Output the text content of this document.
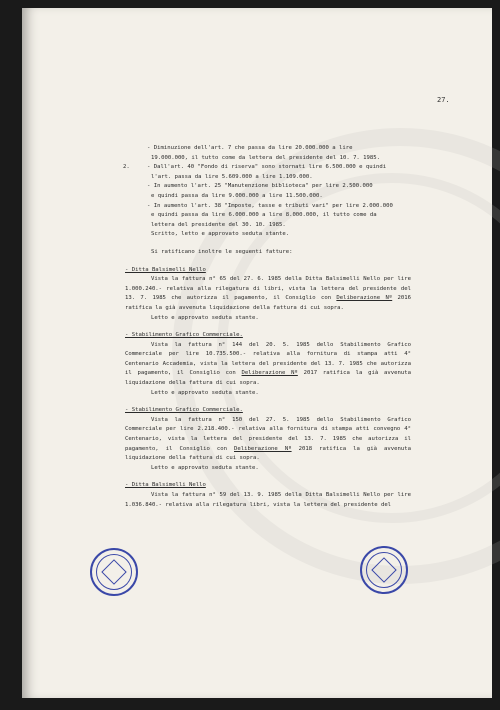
27.
- Diminuzione dell'art. 7 che passa da lire 20.000.000 a lire
19.000.000, il tutto come da lettera del presidente del 10. 7. 1985.
2.	- Dall'art. 40 "Fondo di riserva" sono stornati lire 6.500.000 e quindi
l'art. passa da lire 5.609.000 a lire 1.109.000.
- In aumento l'art. 25 "Manutenzione biblioteca" per lire 2.500.000
e quindi passa da lire 9.000.000 a lire 11.500.000.
- In aumento l'art. 38 "Imposte, tasse e tributi vari" per lire 2.000.000
e quindi passa da lire 6.000.000 a lire 8.000.000, il tutto come da
lettera del presidente del 30. 10. 1985.
Scritto, letto e approvato seduta stante.
Si ratificano inoltre le seguenti fatture:
- Ditta Balsimelli Nello
Vista la fattura n° 65 del 27. 6. 1985 della Ditta Balsimelli Nello per lire 1.000.240.- relativa alla rilegatura di libri, vista la lettera del presidente del 13. 7. 1985 che autorizza il pagamento, il Consiglio con Deliberazione Nº 2016 ratifica la già avvenuta liquidazione della fattura di cui sopra.
Letto e approvato seduta stante.
- Stabilimento Grafico Commerciale.
Vista la fattura n° 144 del 20. 5. 1985 dello Stabilimento Grafico Commerciale per lire 10.735.500.- relativa alla fornitura di stampa atti 4° Centenario Accademia, vista la lettera del presidente del 13. 7. 1985 che autorizza il pagamento, il Consiglio con Deliberazione Nº 2017 ratifica la già avvenuta liquidazione della fattura di cui sopra.
Letto e approvato seduta stante.
- Stabilimento Grafico Commerciale.
Vista la fattura n° 150 del 27. 5. 1985 dello Stabilimento Grafico Commerciale per lire 2.218.400.- relativa alla fornitura di stampa atti convegno 4° Centenario, vista la lettera del presidente del 13. 7. 1985 che autorizza il pagamento, il Consiglio con Deliberazione Nº 2018 ratifica la già avvenuta liquidazione della fattura di cui sopra.
Letto e approvato seduta stante.
- Ditta Balsimelli Nello
Vista la fattura n° 59 del 13. 9. 1985 della Ditta Balsimelli Nello per lire 1.036.840.- relativa alla rilegatura libri, vista la lettera del presidente del
